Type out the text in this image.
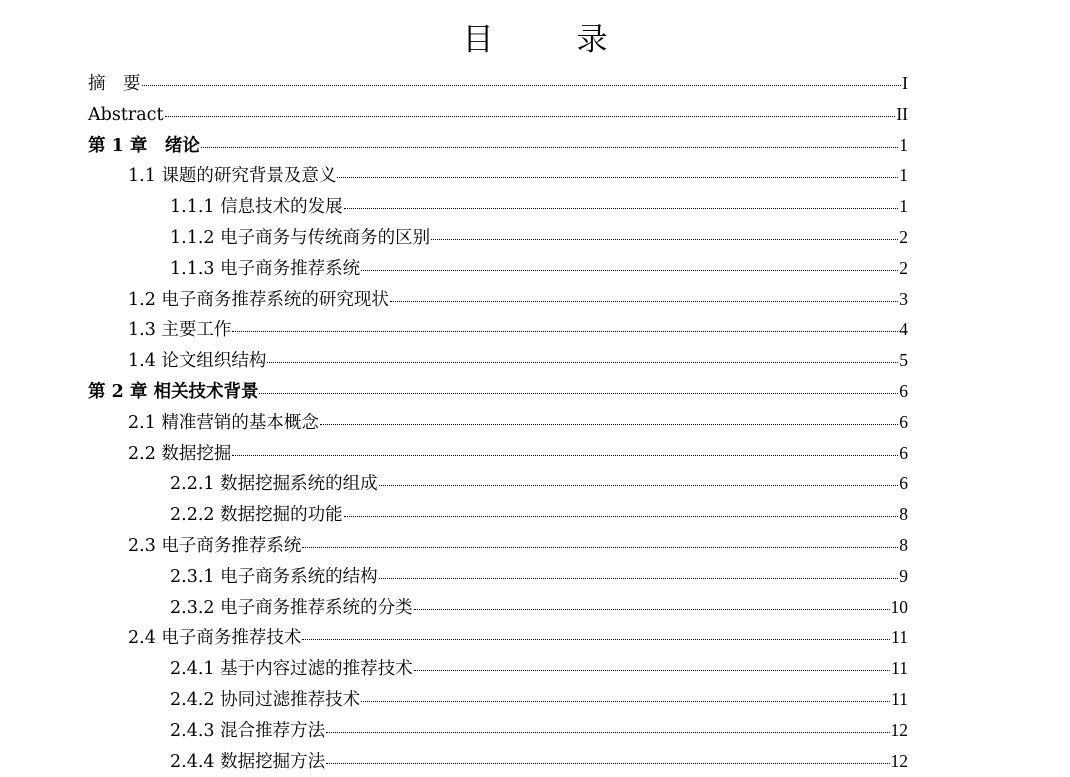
目　录
摘　要	I
Abstract	II
第 1 章　绪论	1
1.1 课题的研究背景及意义	1
1.1.1 信息技术的发展	1
1.1.2 电子商务与传统商务的区别	2
1.1.3 电子商务推荐系统	2
1.2 电子商务推荐系统的研究现状	3
1.3 主要工作	4
1.4 论文组织结构	5
第 2 章 相关技术背景	6
2.1 精准营销的基本概念	6
2.2 数据挖掘	6
2.2.1 数据挖掘系统的组成	6
2.2.2 数据挖掘的功能	8
2.3 电子商务推荐系统	8
2.3.1 电子商务系统的结构	9
2.3.2 电子商务推荐系统的分类	10
2.4 电子商务推荐技术	11
2.4.1 基于内容过滤的推荐技术	11
2.4.2 协同过滤推荐技术	11
2.4.3 混合推荐方法	12
2.4.4 数据挖掘方法	12
